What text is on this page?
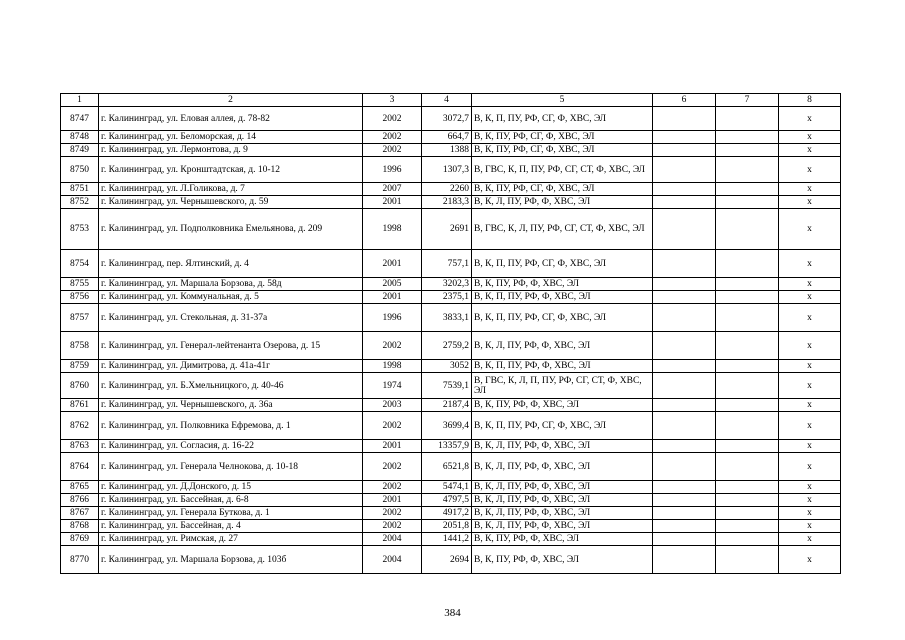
1	2	3	4	5	6	7	8
8747	г. Калининград, ул. Еловая аллея, д. 78-82	2002	3072,7	В, К, П, ПУ, РФ, СГ, Ф, ХВС, ЭЛ			х
8748	г. Калининград, ул. Беломорская, д. 14	2002	664,7	В, К, ПУ, РФ, СГ, Ф, ХВС, ЭЛ			х
8749	г. Калининград, ул. Лермонтова, д. 9	2002	1388	В, К, ПУ, РФ, СГ, Ф, ХВС, ЭЛ			х
8750	г. Калининград, ул. Кронштадтская, д. 10-12	1996	1307,3	В, ГВС, К, П, ПУ, РФ, СГ, СТ, Ф, ХВС, ЭЛ			х
8751	г. Калининград, ул. Л.Голикова, д. 7	2007	2260	В, К, ПУ, РФ, СГ, Ф, ХВС, ЭЛ			х
8752	г. Калининград, ул. Чернышевского, д. 59	2001	2183,3	В, К, Л, ПУ, РФ, Ф, ХВС, ЭЛ			х
8753	г. Калининград, ул. Подполковника Емельянова, д. 209	1998	2691	В, ГВС, К, Л, ПУ, РФ, СГ, СТ, Ф, ХВС, ЭЛ			х
8754	г. Калининград, пер. Ялтинский, д. 4	2001	757,1	В, К, П, ПУ, РФ, СГ, Ф, ХВС, ЭЛ			х
8755	г. Калининград, ул. Маршала Борзова, д. 58д	2005	3202,3	В, К, ПУ, РФ, Ф, ХВС, ЭЛ			х
8756	г. Калининград, ул. Коммунальная, д. 5	2001	2375,1	В, К, П, ПУ, РФ, Ф, ХВС, ЭЛ			х
8757	г. Калининград, ул. Стекольная, д. 31-37а	1996	3833,1	В, К, П, ПУ, РФ, СГ, Ф, ХВС, ЭЛ			х
8758	г. Калининград, ул. Генерал-лейтенанта Озерова, д. 15	2002	2759,2	В, К, Л, ПУ, РФ, Ф, ХВС, ЭЛ			х
8759	г. Калининград, ул. Димитрова, д. 41а-41г	1998	3052	В, К, П, ПУ, РФ, Ф, ХВС, ЭЛ			х
8760	г. Калининград, ул. Б.Хмельницкого, д. 40-46	1974	7539,1	В, ГВС, К, Л, П, ПУ, РФ, СГ, СТ, Ф, ХВС, ЭЛ			х
8761	г. Калининград, ул. Чернышевского, д. 36а	2003	2187,4	В, К, ПУ, РФ, Ф, ХВС, ЭЛ			х
8762	г. Калининград, ул. Полковника Ефремова, д. 1	2002	3699,4	В, К, П, ПУ, РФ, СГ, Ф, ХВС, ЭЛ			х
8763	г. Калининград, ул. Согласия, д. 16-22	2001	13357,9	В, К, Л, ПУ, РФ, Ф, ХВС, ЭЛ			х
8764	г. Калининград, ул. Генерала Челнокова, д. 10-18	2002	6521,8	В, К, Л, ПУ, РФ, Ф, ХВС, ЭЛ			х
8765	г. Калининград, ул. Д.Донского, д. 15	2002	5474,1	В, К, Л, ПУ, РФ, Ф, ХВС, ЭЛ			х
8766	г. Калининград, ул. Бассейная, д. 6-8	2001	4797,5	В, К, Л, ПУ, РФ, Ф, ХВС, ЭЛ			х
8767	г. Калининград, ул. Генерала Буткова, д. 1	2002	4917,2	В, К, Л, ПУ, РФ, Ф, ХВС, ЭЛ			х
8768	г. Калининград, ул. Бассейная, д. 4	2002	2051,8	В, К, Л, ПУ, РФ, Ф, ХВС, ЭЛ			х
8769	г. Калининград, ул. Римская, д. 27	2004	1441,2	В, К, ПУ, РФ, Ф, ХВС, ЭЛ			х
8770	г. Калининград, ул. Маршала Борзова, д. 103б	2004	2694	В, К, ПУ, РФ, Ф, ХВС, ЭЛ			х
384
